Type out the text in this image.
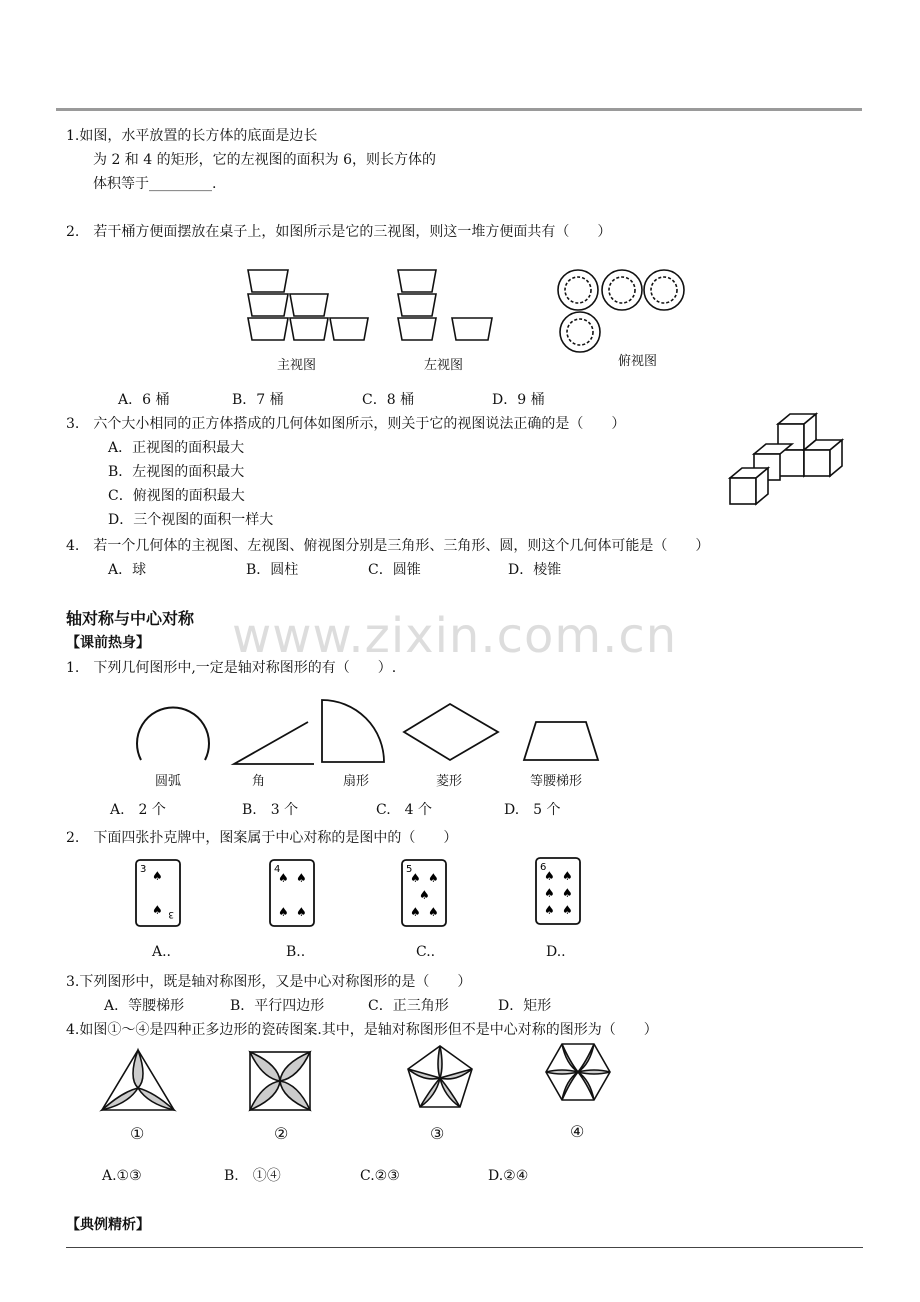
1.如图，水平放置的长方体的底面是边长
为 2 和 4 的矩形，它的左视图的面积为 6，则长方体的
体积等于_________.
2.　若干桶方便面摆放在桌子上，如图所示是它的三视图，则这一堆方便面共有（　　）
主视图	左视图	俯视图
A．6 桶	B．7 桶	C．8 桶	D．9 桶
3.　六个大小相同的正方体搭成的几何体如图所示，则关于它的视图说法正确的是（　　）
A．正视图的面积最大
B．左视图的面积最大
C．俯视图的面积最大
D．三个视图的面积一样大
4.　若一个几何体的主视图、左视图、俯视图分别是三角形、三角形、圆，则这个几何体可能是（　　）
A．球	B．圆柱	C．圆锥	D．棱锥
轴对称与中心对称
【课前热身】 www.zixin.com.cn
1.　下列几何图形中,一定是轴对称图形的有（　　）.
圆弧	角	扇形	菱形	等腰梯形
A.　2 个	B.　3 个	C.　4 个	D.　5 个
2.　下面四张扑克牌中，图案属于中心对称的是图中的（　　）
3 ♠
♠ 3
4
♠ ♠
♠ ♠
5
♠ ♠
♠
♠ ♠
6
♠ ♠
♠ ♠
♠ ♠
A..	B..	C..	D..
3.下列图形中，既是轴对称图形，又是中心对称图形的是（　　）
A．等腰梯形	B．平行四边形	C．正三角形	D．矩形
4.如图①～④是四种正多边形的瓷砖图案.其中，是轴对称图形但不是中心对称的图形为（　　）
①	②	③	④
A.①③	B.　①④	C.②③	D.②④
【典例精析】
